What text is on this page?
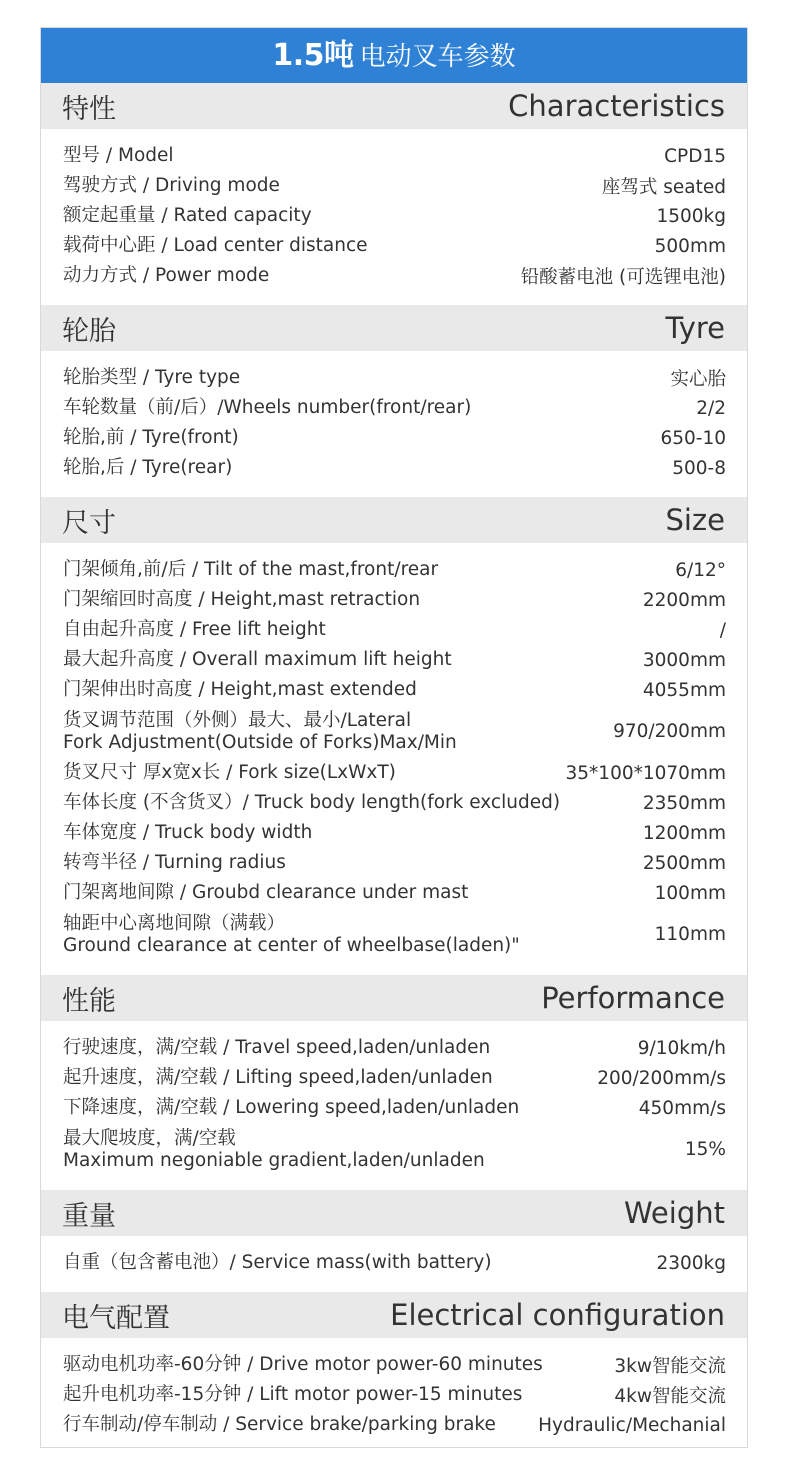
1.5吨 电动叉车参数
特性	Characteristics
型号 / Model	CPD15
驾驶方式 / Driving mode	座驾式 seated
额定起重量 / Rated capacity	1500kg
载荷中心距 / Load center distance	500mm
动力方式 / Power mode	铅酸蓄电池 (可选锂电池)
轮胎	Tyre
轮胎类型 / Tyre type	实心胎
车轮数量（前/后）/Wheels number(front/rear)	2/2
轮胎,前 / Tyre(front)	650-10
轮胎,后 / Tyre(rear)	500-8
尺寸	Size
门架倾角,前/后 / Tilt of the mast,front/rear	6/12°
门架缩回时高度 / Height,mast retraction	2200mm
自由起升高度 / Free lift height	/
最大起升高度 / Overall maximum lift height	3000mm
门架伸出时高度 / Height,mast extended	4055mm
货叉调节范围（外侧）最大、最小/Lateral
Fork Adjustment(Outside of Forks)Max/Min	970/200mm
货叉尺寸 厚x宽x长 / Fork size(LxWxT)	35*100*1070mm
车体长度 (不含货叉）/ Truck body length(fork excluded)	2350mm
车体宽度 / Truck body width	1200mm
转弯半径 / Turning radius	2500mm
门架离地间隙 / Groubd clearance under mast	100mm
轴距中心离地间隙（满载）
Ground clearance at center of wheelbase(laden)"	110mm
性能	Performance
行驶速度，满/空载 / Travel speed,laden/unladen	9/10km/h
起升速度，满/空载 / Lifting speed,laden/unladen	200/200mm/s
下降速度，满/空载 / Lowering speed,laden/unladen	450mm/s
最大爬坡度，满/空载
Maximum negoniable gradient,laden/unladen	15%
重量	Weight
自重（包含蓄电池）/ Service mass(with battery)	2300kg
电气配置	Electrical configuration
驱动电机功率-60分钟 / Drive motor power-60 minutes	3kw智能交流
起升电机功率-15分钟 / Lift motor power-15 minutes	4kw智能交流
行车制动/停车制动 / Service brake/parking brake	Hydraulic/Mechanial
